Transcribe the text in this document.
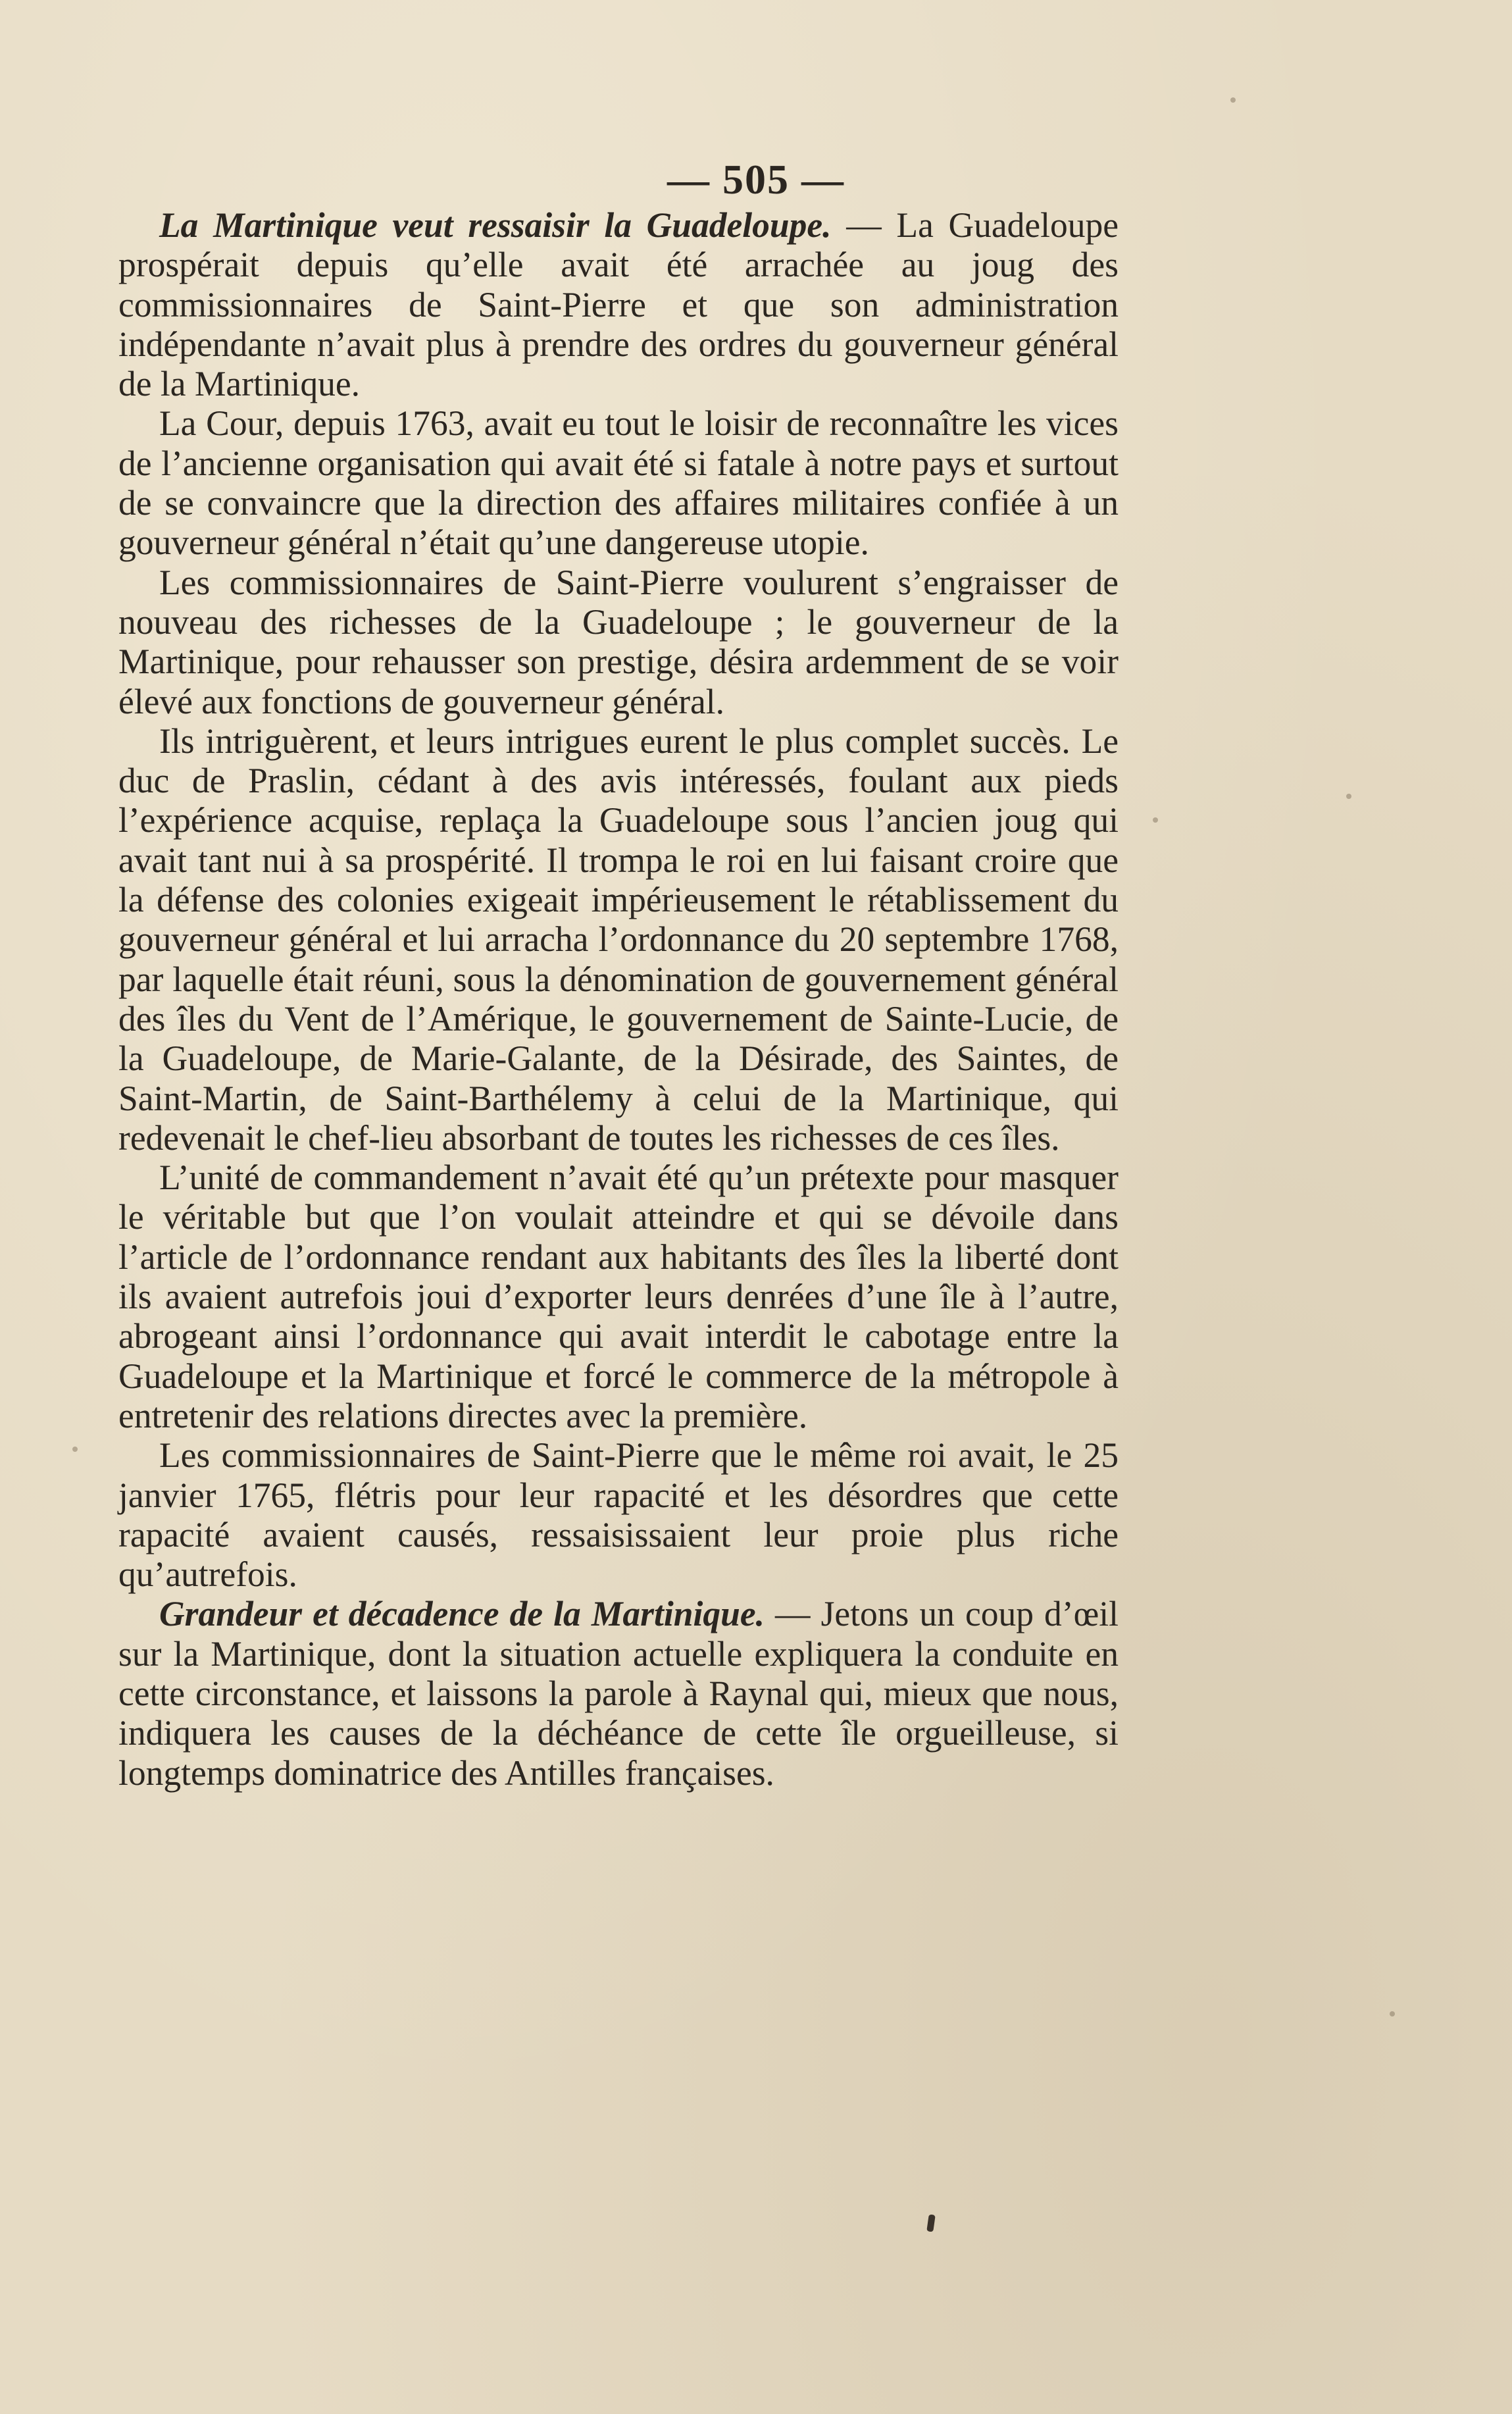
— 505 —

La Martinique veut ressaisir la Guadeloupe. — La Guadeloupe prospérait depuis qu’elle avait été arrachée au joug des commissionnaires de Saint-Pierre et que son administration indépendante n’avait plus à prendre des ordres du gouverneur général de la Martinique.

La Cour, depuis 1763, avait eu tout le loisir de reconnaître les vices de l’ancienne organisation qui avait été si fatale à notre pays et surtout de se convaincre que la direction des affaires militaires confiée à un gouverneur général n’était qu’une dangereuse utopie.

Les commissionnaires de Saint-Pierre voulurent s’engraisser de nouveau des richesses de la Guadeloupe ; le gouverneur de la Martinique, pour rehausser son prestige, désira ardemment de se voir élevé aux fonctions de gouverneur général.

Ils intriguèrent, et leurs intrigues eurent le plus complet succès. Le duc de Praslin, cédant à des avis intéressés, foulant aux pieds l’expérience acquise, replaça la Guadeloupe sous l’ancien joug qui avait tant nui à sa prospérité. Il trompa le roi en lui faisant croire que la défense des colonies exigeait impérieusement le rétablissement du gouverneur général et lui arracha l’ordonnance du 20 septembre 1768, par laquelle était réuni, sous la dénomination de gouvernement général des îles du Vent de l’Amérique, le gouvernement de Sainte-Lucie, de la Guadeloupe, de Marie-Galante, de la Désirade, des Saintes, de Saint-Martin, de Saint-Barthélemy à celui de la Martinique, qui redevenait le chef-lieu absorbant de toutes les richesses de ces îles.

L’unité de commandement n’avait été qu’un prétexte pour masquer le véritable but que l’on voulait atteindre et qui se dévoile dans l’article de l’ordonnance rendant aux habitants des îles la liberté dont ils avaient autrefois joui d’exporter leurs denrées d’une île à l’autre, abrogeant ainsi l’ordonnance qui avait interdit le cabotage entre la Guadeloupe et la Martinique et forcé le commerce de la métropole à entretenir des relations directes avec la première.

Les commissionnaires de Saint-Pierre que le même roi avait, le 25 janvier 1765, flétris pour leur rapacité et les désordres que cette rapacité avaient causés, ressaisissaient leur proie plus riche qu’autrefois.

Grandeur et décadence de la Martinique. — Jetons un coup d’œil sur la Martinique, dont la situation actuelle expliquera la conduite en cette circonstance, et laissons la parole à Raynal qui, mieux que nous, indiquera les causes de la déchéance de cette île orgueilleuse, si longtemps dominatrice des Antilles françaises.
